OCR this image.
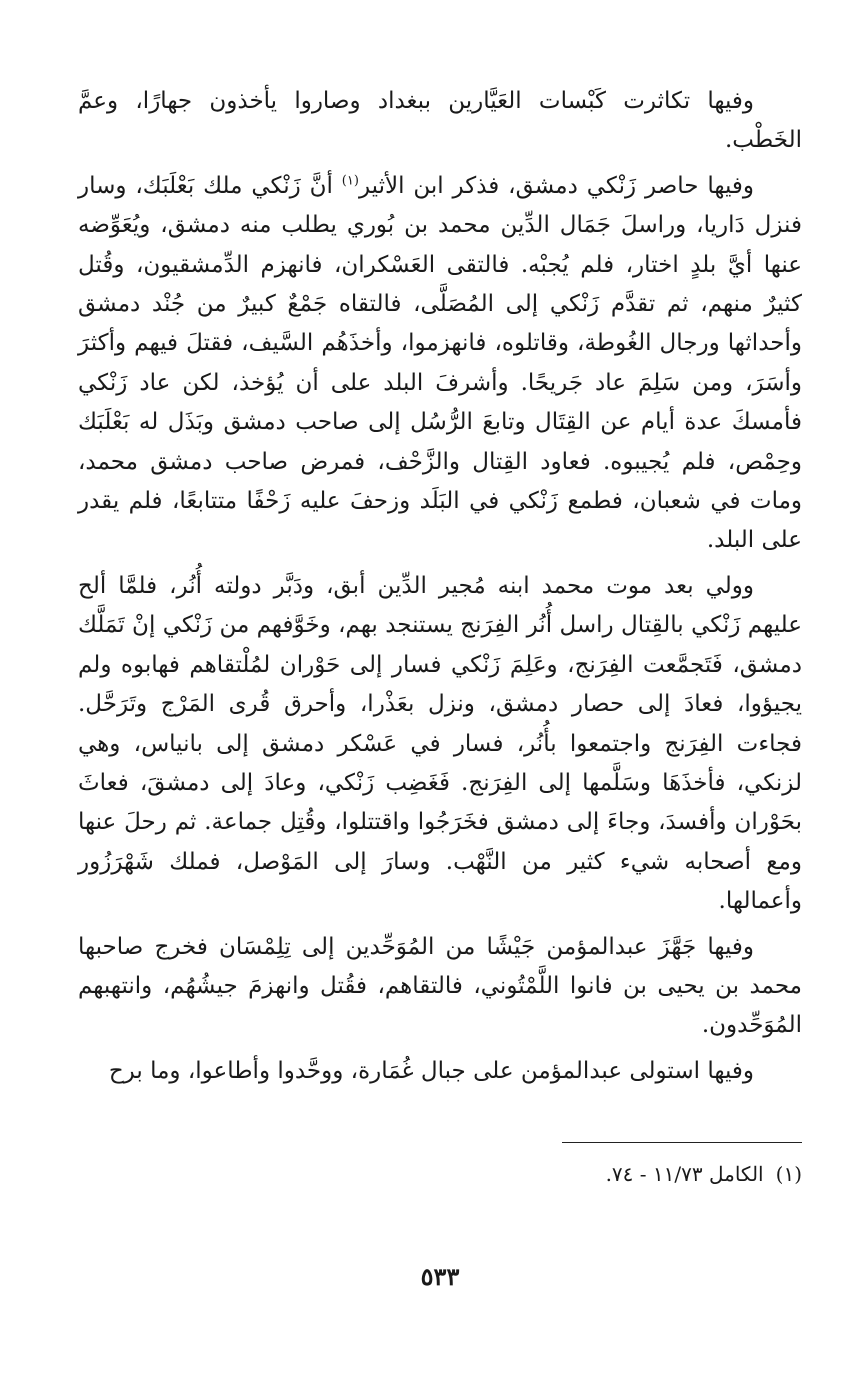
وفيها تكاثرت كَبْسات العَيَّارين ببغداد وصاروا يأخذون جهارًا، وعمَّ الخَطْب.

وفيها حاصر زَنْكي دمشق، فذكر ابن الأثير$^{(١)}$ أنَّ زَنْكي ملك بَعْلَبَك، وسار فنزل دَاريا، وراسلَ جَمَال الدِّين محمد بن بُوري يطلب منه دمشق، ويُعَوِّضه عنها أيَّ بلدٍ اختار، فلم يُجبْه. فالتقى العَسْكران، فانهزم الدِّمشقيون، وقُتل كثيرٌ منهم، ثم تقدَّم زَنْكي إلى المُصَلَّى، فالتقاه جَمْعٌ كبيرٌ من جُنْد دمشق وأحداثها ورجال الغُوطة، وقاتلوه، فانهزموا، وأخذَهُم السَّيف، فقتلَ فيهم وأكثرَ وأسَرَ، ومن سَلِمَ عاد جَريحًا. وأشرفَ البلد على أن يُؤخذ، لكن عاد زَنْكي فأمسكَ عدة أيام عن القِتَال وتابعَ الرُّسُل إلى صاحب دمشق وبَذَل له بَعْلَبَك وحِمْص، فلم يُجيبوه. فعاود القِتال والزَّحْف، فمرض صاحب دمشق محمد، ومات في شعبان، فطمع زَنْكي في البَلَد وزحفَ عليه زَحْفًا متتابعًا، فلم يقدر على البلد.

وولي بعد موت محمد ابنه مُجير الدِّين أبق، ودَبَّر دولته أُنُر، فلمَّا ألح عليهم زَنْكي بالقِتال راسل أُنُر الفِرَنج يستنجد بهم، وخَوَّفهم من زَنْكي إنْ تَمَلَّك دمشق، فَتَجمَّعت الفِرَنج، وعَلِمَ زَنْكي فسار إلى حَوْران لمُلْتقاهم فهابوه ولم يجيؤوا، فعادَ إلى حصار دمشق، ونزل بعَذْرا، وأحرق قُرى المَرْج وتَرَحَّل. فجاءت الفِرَنج واجتمعوا بأُنُر، فسار في عَسْكر دمشق إلى بانياس، وهي لزنكي، فأخذَهَا وسَلَّمها إلى الفِرَنج. فَغَضِب زَنْكي، وعادَ إلى دمشقَ، فعاثَ بحَوْران وأفسدَ، وجاءَ إلى دمشق فخَرَجُوا واقتتلوا، وقُتِل جماعة. ثم رحلَ عنها ومع أصحابه شيء كثير من النَّهْب. وسارَ إلى المَوْصل، فملك شَهْرَزُور وأعمالها.

وفيها جَهَّزَ عبدالمؤمن جَيْشًا من المُوَحِّدين إلى تِلِمْسَان فخرج صاحبها محمد بن يحيى بن فانوا اللَّمْتُوني، فالتقاهم، فقُتل وانهزمَ جيشُهُم، وانتهبهم المُوَحِّدون.

وفيها استولى عبدالمؤمن على جبال غُمَارة، ووحَّدوا وأطاعوا، وما برح

(١)الكامل ١١/٧٣ - ٧٤.
٥٣٣
